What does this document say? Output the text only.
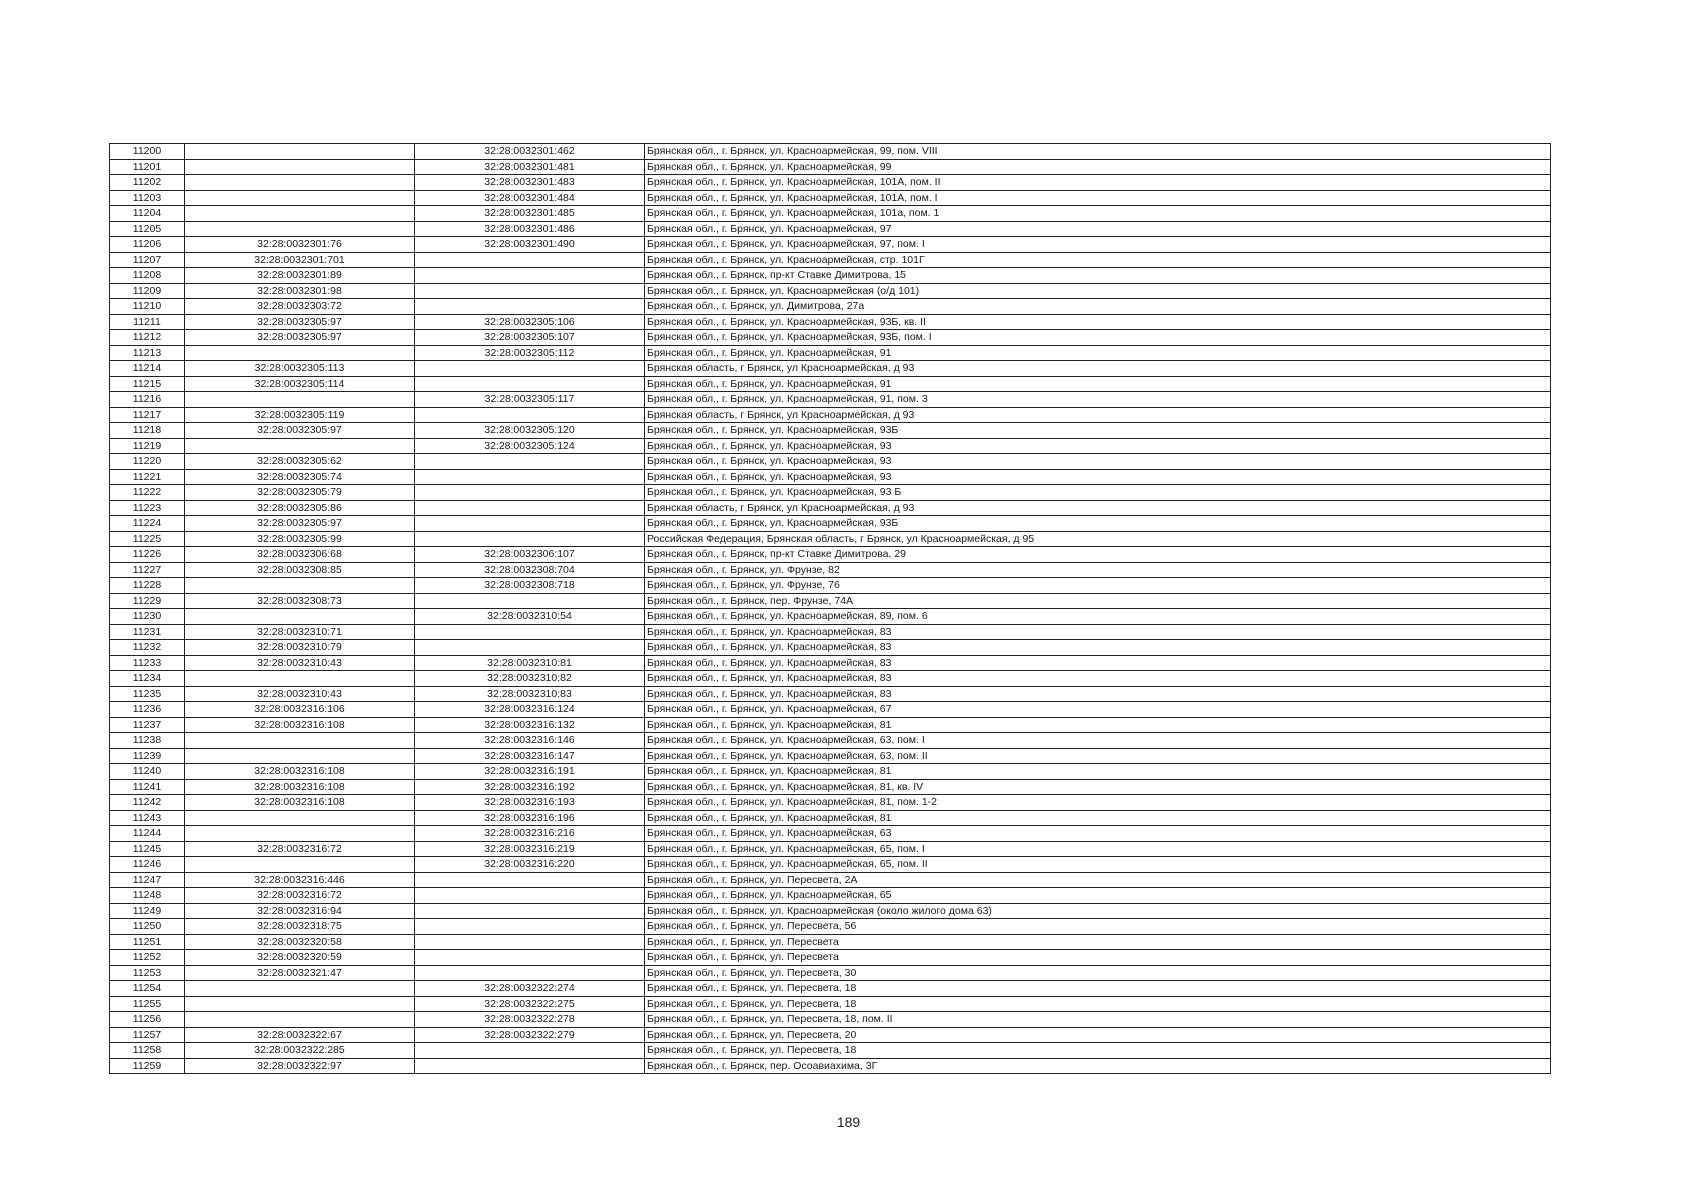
11200		32:28:0032301:462	Брянская обл., г. Брянск, ул. Красноармейская, 99, пом. VIII
11201		32:28:0032301:481	Брянская обл., г. Брянск, ул. Красноармейская, 99
11202		32:28:0032301:483	Брянская обл., г. Брянск, ул. Красноармейская, 101А, пом. II
11203		32:28:0032301:484	Брянская обл., г. Брянск, ул. Красноармейская, 101А, пом. I
11204		32:28:0032301:485	Брянская обл., г. Брянск, ул. Красноармейская, 101а, пом. 1
11205		32:28:0032301:486	Брянская обл., г. Брянск, ул. Красноармейская, 97
11206	32:28:0032301:76	32:28:0032301:490	Брянская обл., г. Брянск, ул. Красноармейская, 97, пом. I
11207	32:28:0032301:701		Брянская обл., г. Брянск, ул. Красноармейская, стр. 101Г
11208	32:28:0032301:89		Брянская обл., г. Брянск, пр-кт Ставке Димитрова, 15
11209	32:28:0032301:98		Брянская обл., г. Брянск, ул. Красноармейская (о/д 101)
11210	32:28:0032303:72		Брянская обл., г. Брянск, ул. Димитрова, 27а
11211	32:28:0032305:97	32:28:0032305:106	Брянская обл., г. Брянск, ул. Красноармейская, 93Б, кв. II
11212	32:28:0032305:97	32:28:0032305:107	Брянская обл., г. Брянск, ул. Красноармейская, 93Б, пом. I
11213		32:28:0032305:112	Брянская обл., г. Брянск, ул. Красноармейская, 91
11214	32:28:0032305:113		Брянская область, г Брянск, ул Красноармейская, д 93
11215	32:28:0032305:114		Брянская обл., г. Брянск, ул. Красноармейская, 91
11216		32:28:0032305:117	Брянская обл., г. Брянск, ул. Красноармейская, 91, пом. 3
11217	32:28:0032305:119		Брянская область, г Брянск, ул Красноармейская, д 93
11218	32:28:0032305:97	32:28:0032305:120	Брянская обл., г. Брянск, ул. Красноармейская, 93Б
11219		32:28:0032305:124	Брянская обл., г. Брянск, ул. Красноармейская, 93
11220	32:28:0032305:62		Брянская обл., г. Брянск, ул. Красноармейская, 93
11221	32:28:0032305:74		Брянская обл., г. Брянск, ул. Красноармейская, 93
11222	32:28:0032305:79		Брянская обл., г. Брянск, ул. Красноармейская, 93 Б
11223	32:28:0032305:86		Брянская область, г Брянск, ул Красноармейская, д 93
11224	32:28:0032305:97		Брянская обл., г. Брянск, ул. Красноармейская, 93Б
11225	32:28:0032305:99		Российская Федерация, Брянская область, г Брянск, ул Красноармейская, д 95
11226	32:28:0032306:68	32:28:0032306:107	Брянская обл., г. Брянск, пр-кт Ставке Димитрова, 29
11227	32:28:0032308:85	32:28:0032308:704	Брянская обл., г. Брянск, ул. Фрунзе, 82
11228		32:28:0032308:718	Брянская обл., г. Брянск, ул. Фрунзе, 76
11229	32:28:0032308:73		Брянская обл., г. Брянск, пер. Фрунзе, 74А
11230		32:28:0032310:54	Брянская обл., г. Брянск, ул. Красноармейская, 89, пом. 6
11231	32:28:0032310:71		Брянская обл., г. Брянск, ул. Красноармейская, 83
11232	32:28:0032310:79		Брянская обл., г. Брянск, ул. Красноармейская, 83
11233	32:28:0032310:43	32:28:0032310:81	Брянская обл., г. Брянск, ул. Красноармейская, 83
11234		32:28:0032310:82	Брянская обл., г. Брянск, ул. Красноармейская, 83
11235	32:28:0032310:43	32:28:0032310:83	Брянская обл., г. Брянск, ул. Красноармейская, 83
11236	32:28:0032316:106	32:28:0032316:124	Брянская обл., г. Брянск, ул. Красноармейская, 67
11237	32:28:0032316:108	32:28:0032316:132	Брянская обл., г. Брянск, ул. Красноармейская, 81
11238		32:28:0032316:146	Брянская обл., г. Брянск, ул. Красноармейская, 63, пом. I
11239		32:28:0032316:147	Брянская обл., г. Брянск, ул. Красноармейская, 63, пом. II
11240	32:28:0032316:108	32:28:0032316:191	Брянская обл., г. Брянск, ул. Красноармейская, 81
11241	32:28:0032316:108	32:28:0032316:192	Брянская обл., г. Брянск, ул. Красноармейская, 81, кв. IV
11242	32:28:0032316:108	32:28:0032316:193	Брянская обл., г. Брянск, ул. Красноармейская, 81, пом. 1-2
11243		32:28:0032316:196	Брянская обл., г. Брянск, ул. Красноармейская, 81
11244		32:28:0032316:216	Брянская обл., г. Брянск, ул. Красноармейская, 63
11245	32:28:0032316:72	32:28:0032316:219	Брянская обл., г. Брянск, ул. Красноармейская, 65, пом. I
11246		32:28:0032316:220	Брянская обл., г. Брянск, ул. Красноармейская, 65, пом. II
11247	32:28:0032316:446		Брянская обл., г. Брянск, ул. Пересвета, 2А
11248	32:28:0032316:72		Брянская обл., г. Брянск, ул. Красноармейская, 65
11249	32:28:0032316:94		Брянская обл., г. Брянск, ул. Красноармейская (около жилого дома 63)
11250	32:28:0032318:75		Брянская обл., г. Брянск, ул. Пересвета, 56
11251	32:28:0032320:58		Брянская обл., г. Брянск, ул. Пересвета
11252	32:28:0032320:59		Брянская обл., г. Брянск, ул. Пересвета
11253	32:28:0032321:47		Брянская обл., г. Брянск, ул. Пересвета, 30
11254		32:28:0032322:274	Брянская обл., г. Брянск, ул. Пересвета, 18
11255		32:28:0032322:275	Брянская обл., г. Брянск, ул. Пересвета, 18
11256		32:28:0032322:278	Брянская обл., г. Брянск, ул. Пересвета, 18, пом. II
11257	32:28:0032322:67	32:28:0032322:279	Брянская обл., г. Брянск, ул. Пересвета, 20
11258	32:28:0032322:285		Брянская обл., г. Брянск, ул. Пересвета, 18
11259	32:28:0032322:97		Брянская обл., г. Брянск, пер. Осоавиахима, 3Г
189
